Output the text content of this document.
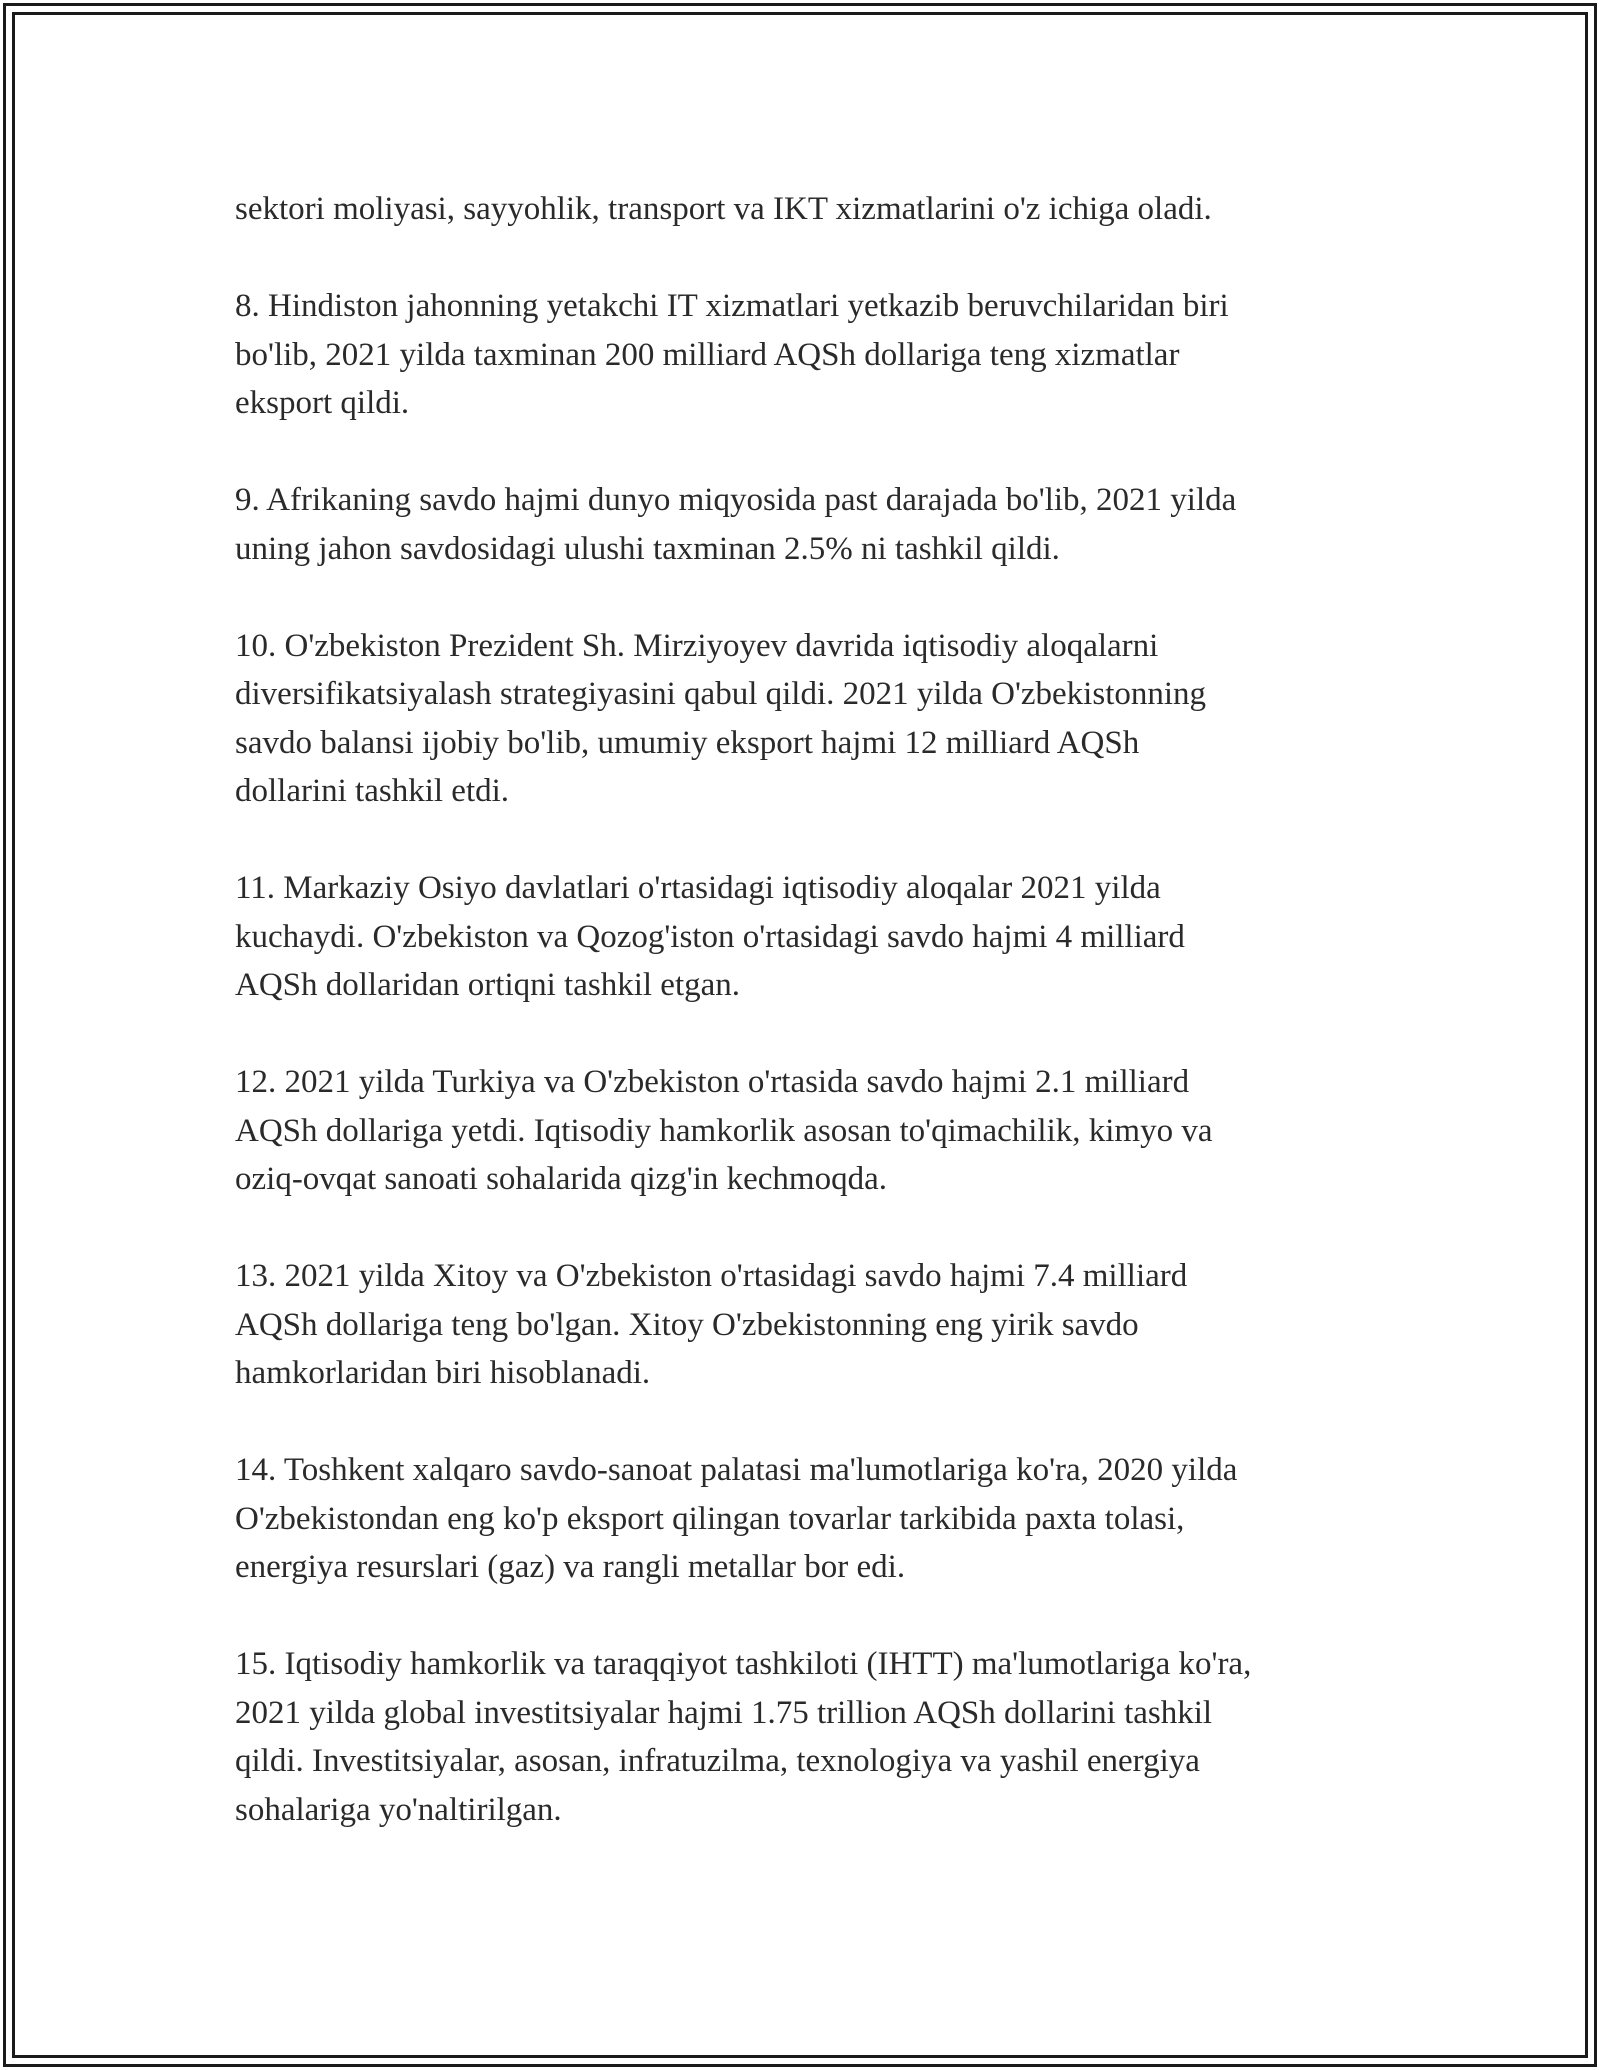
sektori moliyasi, sayyohlik, transport va IKT xizmatlarini o'z ichiga oladi.

8. Hindiston jahonning yetakchi IT xizmatlari yetkazib beruvchilaridan biri
bo'lib, 2021 yilda taxminan 200 milliard AQSh dollariga teng xizmatlar
eksport qildi.

9. Afrikaning savdo hajmi dunyo miqyosida past darajada bo'lib, 2021 yilda
uning jahon savdosidagi ulushi taxminan 2.5% ni tashkil qildi.

10. O'zbekiston Prezident Sh. Mirziyoyev davrida iqtisodiy aloqalarni
diversifikatsiyalash strategiyasini qabul qildi. 2021 yilda O'zbekistonning
savdo balansi ijobiy bo'lib, umumiy eksport hajmi 12 milliard AQSh
dollarini tashkil etdi.

11. Markaziy Osiyo davlatlari o'rtasidagi iqtisodiy aloqalar 2021 yilda
kuchaydi. O'zbekiston va Qozog'iston o'rtasidagi savdo hajmi 4 milliard
AQSh dollaridan ortiqni tashkil etgan.

12. 2021 yilda Turkiya va O'zbekiston o'rtasida savdo hajmi 2.1 milliard
AQSh dollariga yetdi. Iqtisodiy hamkorlik asosan to'qimachilik, kimyo va
oziq-ovqat sanoati sohalarida qizg'in kechmoqda.

13. 2021 yilda Xitoy va O'zbekiston o'rtasidagi savdo hajmi 7.4 milliard
AQSh dollariga teng bo'lgan. Xitoy O'zbekistonning eng yirik savdo
hamkorlaridan biri hisoblanadi.

14. Toshkent xalqaro savdo-sanoat palatasi ma'lumotlariga ko'ra, 2020 yilda
O'zbekistondan eng ko'p eksport qilingan tovarlar tarkibida paxta tolasi,
energiya resurslari (gaz) va rangli metallar bor edi.

15. Iqtisodiy hamkorlik va taraqqiyot tashkiloti (IHTT) ma'lumotlariga ko'ra,
2021 yilda global investitsiyalar hajmi 1.75 trillion AQSh dollarini tashkil
qildi. Investitsiyalar, asosan, infratuzilma, texnologiya va yashil energiya
sohalariga yo'naltirilgan.
